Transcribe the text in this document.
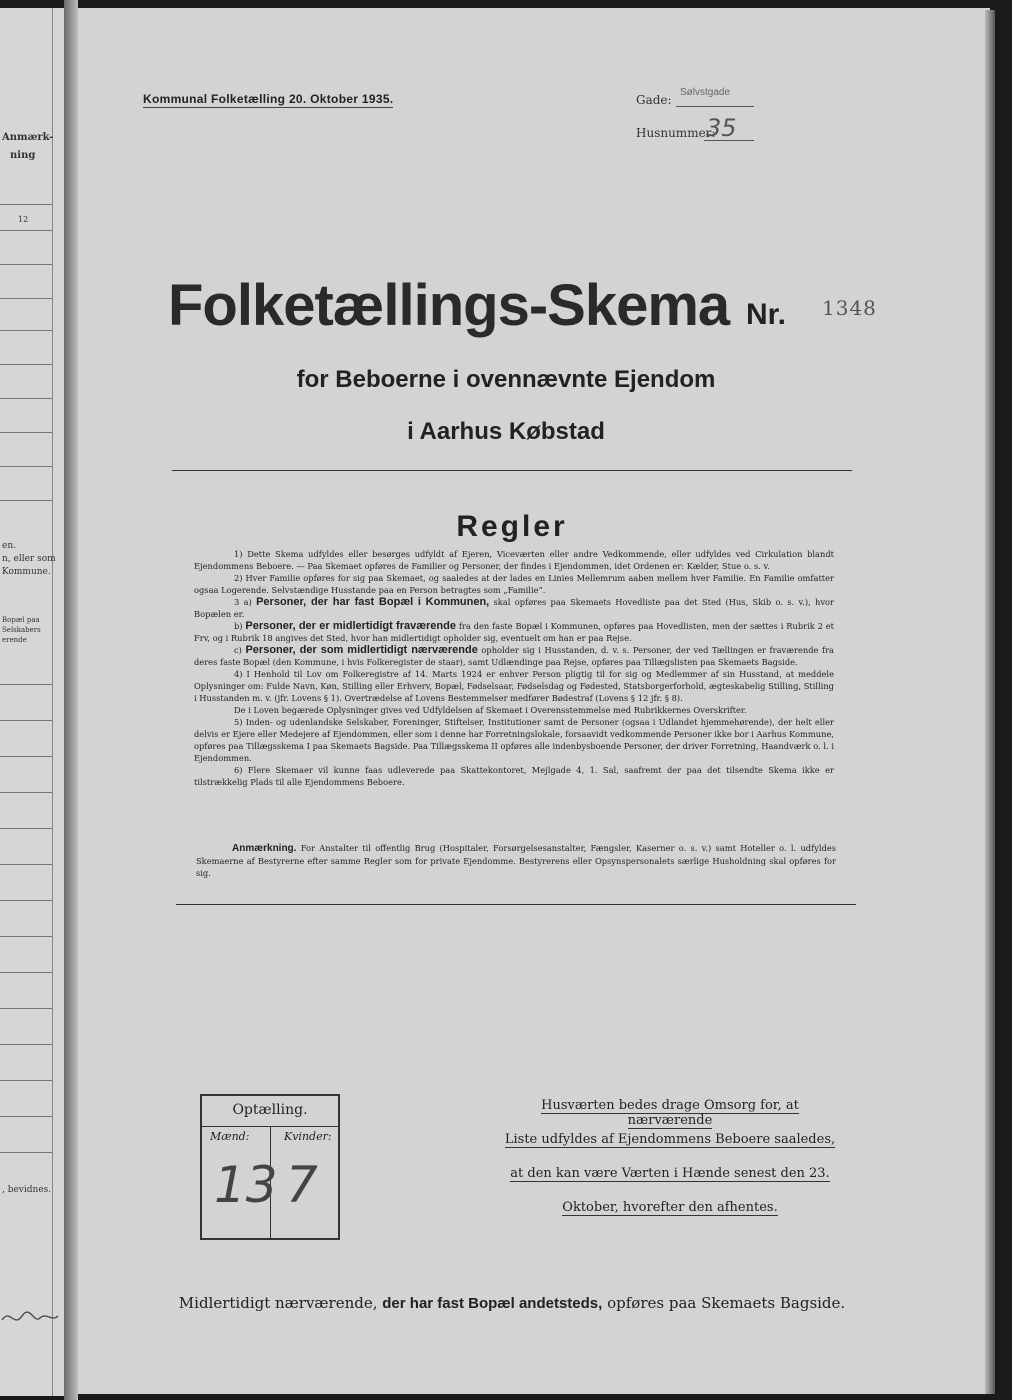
Anmærk-
ning
12
en.
n, eller som
Kommune.
Bopæl paa
Selskabers
erende
, bevidnes.
Kommunal Folketælling 20. Oktober 1935.	Gade:
Sølvstgade
Husnummer:
35
Folketællings-Skema Nr. 1348
for Beboerne i ovennævnte Ejendom
i Aarhus Købstad
Regler

1) Dette Skema udfyldes eller besørges udfyldt af Ejeren, Viceværten eller andre Vedkommende, eller udfyldes ved Cirkulation blandt Ejendommens Beboere. — Paa Skemaet opføres de Familier og Personer, der findes i Ejendommen, idet Ordenen er: Kælder, Stue o. s. v.

2) Hver Familie opføres for sig paa Skemaet, og saaledes at der lades en Linies Mellemrum aaben mellem hver Familie. En Familie omfatter ogsaa Logerende. Selvstændige Husstande paa en Person betragtes som „Familie“.

3 a) Personer, der har fast Bopæl i Kommunen, skal opføres paa Skemaets Hovedliste paa det Sted (Hus, Skib o. s. v.), hvor Bopælen er.

b) Personer, der er midlertidigt fraværende fra den faste Bopæl i Kommunen, opføres paa Hovedlisten, men der sættes i Rubrik 2 et Frv, og i Rubrik 18 angives det Sted, hvor han midlertidigt opholder sig, eventuelt om han er paa Rejse.

c) Personer, der som midlertidigt nærværende opholder sig i Husstanden, d. v. s. Personer, der ved Tællingen er fraværende fra deres faste Bopæl (den Kommune, i hvis Folkeregister de staar), samt Udlændinge paa Rejse, opføres paa Tillægslisten paa Skemaets Bagside.

4) I Henhold til Lov om Folkeregistre af 14. Marts 1924 er enhver Person pligtig til for sig og Medlemmer af sin Husstand, at meddele Oplysninger om: Fulde Navn, Køn, Stilling eller Erhverv, Bopæl, Fødselsaar, Fødselsdag og Fødested, Statsborgerforhold, ægteskabelig Stilling, Stilling i Husstanden m. v. (jfr. Lovens § 1). Overtrædelse af Lovens Bestemmelser medfører Bødestraf (Lovens § 12 jfr. § 8).

De i Loven begærede Oplysninger gives ved Udfyldelsen af Skemaet i Overensstemmelse med Rubrikkernes Overskrifter.

5) Inden- og udenlandske Selskaber, Foreninger, Stiftelser, Institutioner samt de Personer (ogsaa i Udlandet hjemmehørende), der helt eller delvis er Ejere eller Medejere af Ejendommen, eller som i denne har Forretningslokale, forsaavidt vedkommende Personer ikke bor i Aarhus Kommune, opføres paa Tillægsskema I paa Skemaets Bagside. Paa Tillægsskema II opføres alle indenbysboende Personer, der driver Forretning, Haandværk o. l. i Ejendommen.

6) Flere Skemaer vil kunne faas udleverede paa Skattekontoret, Mejlgade 4, 1. Sal, saafremt der paa det tilsendte Skema ikke er tilstrækkelig Plads til alle Ejendommens Beboere.

Anmærkning. For Anstalter til offentlig Brug (Hospitaler, Forsørgelsesanstalter, Fængsler, Kaserner o. s. v.) samt Hoteller o. l. udfyldes Skemaerne af Bestyrerne efter samme Regler som for private Ejendomme. Bestyrerens eller Opsynspersonalets særlige Husholdning skal opføres for sig.
Optælling.
Mænd:	Kvinder:
13 7
Husværten bedes drage Omsorg for, at nærværende
Liste udfyldes af Ejendommens Beboere saaledes,
at den kan være Værten i Hænde senest den 23.
Oktober, hvorefter den afhentes.
Midlertidigt nærværende, der har fast Bopæl andetsteds, opføres paa Skemaets Bagside.
